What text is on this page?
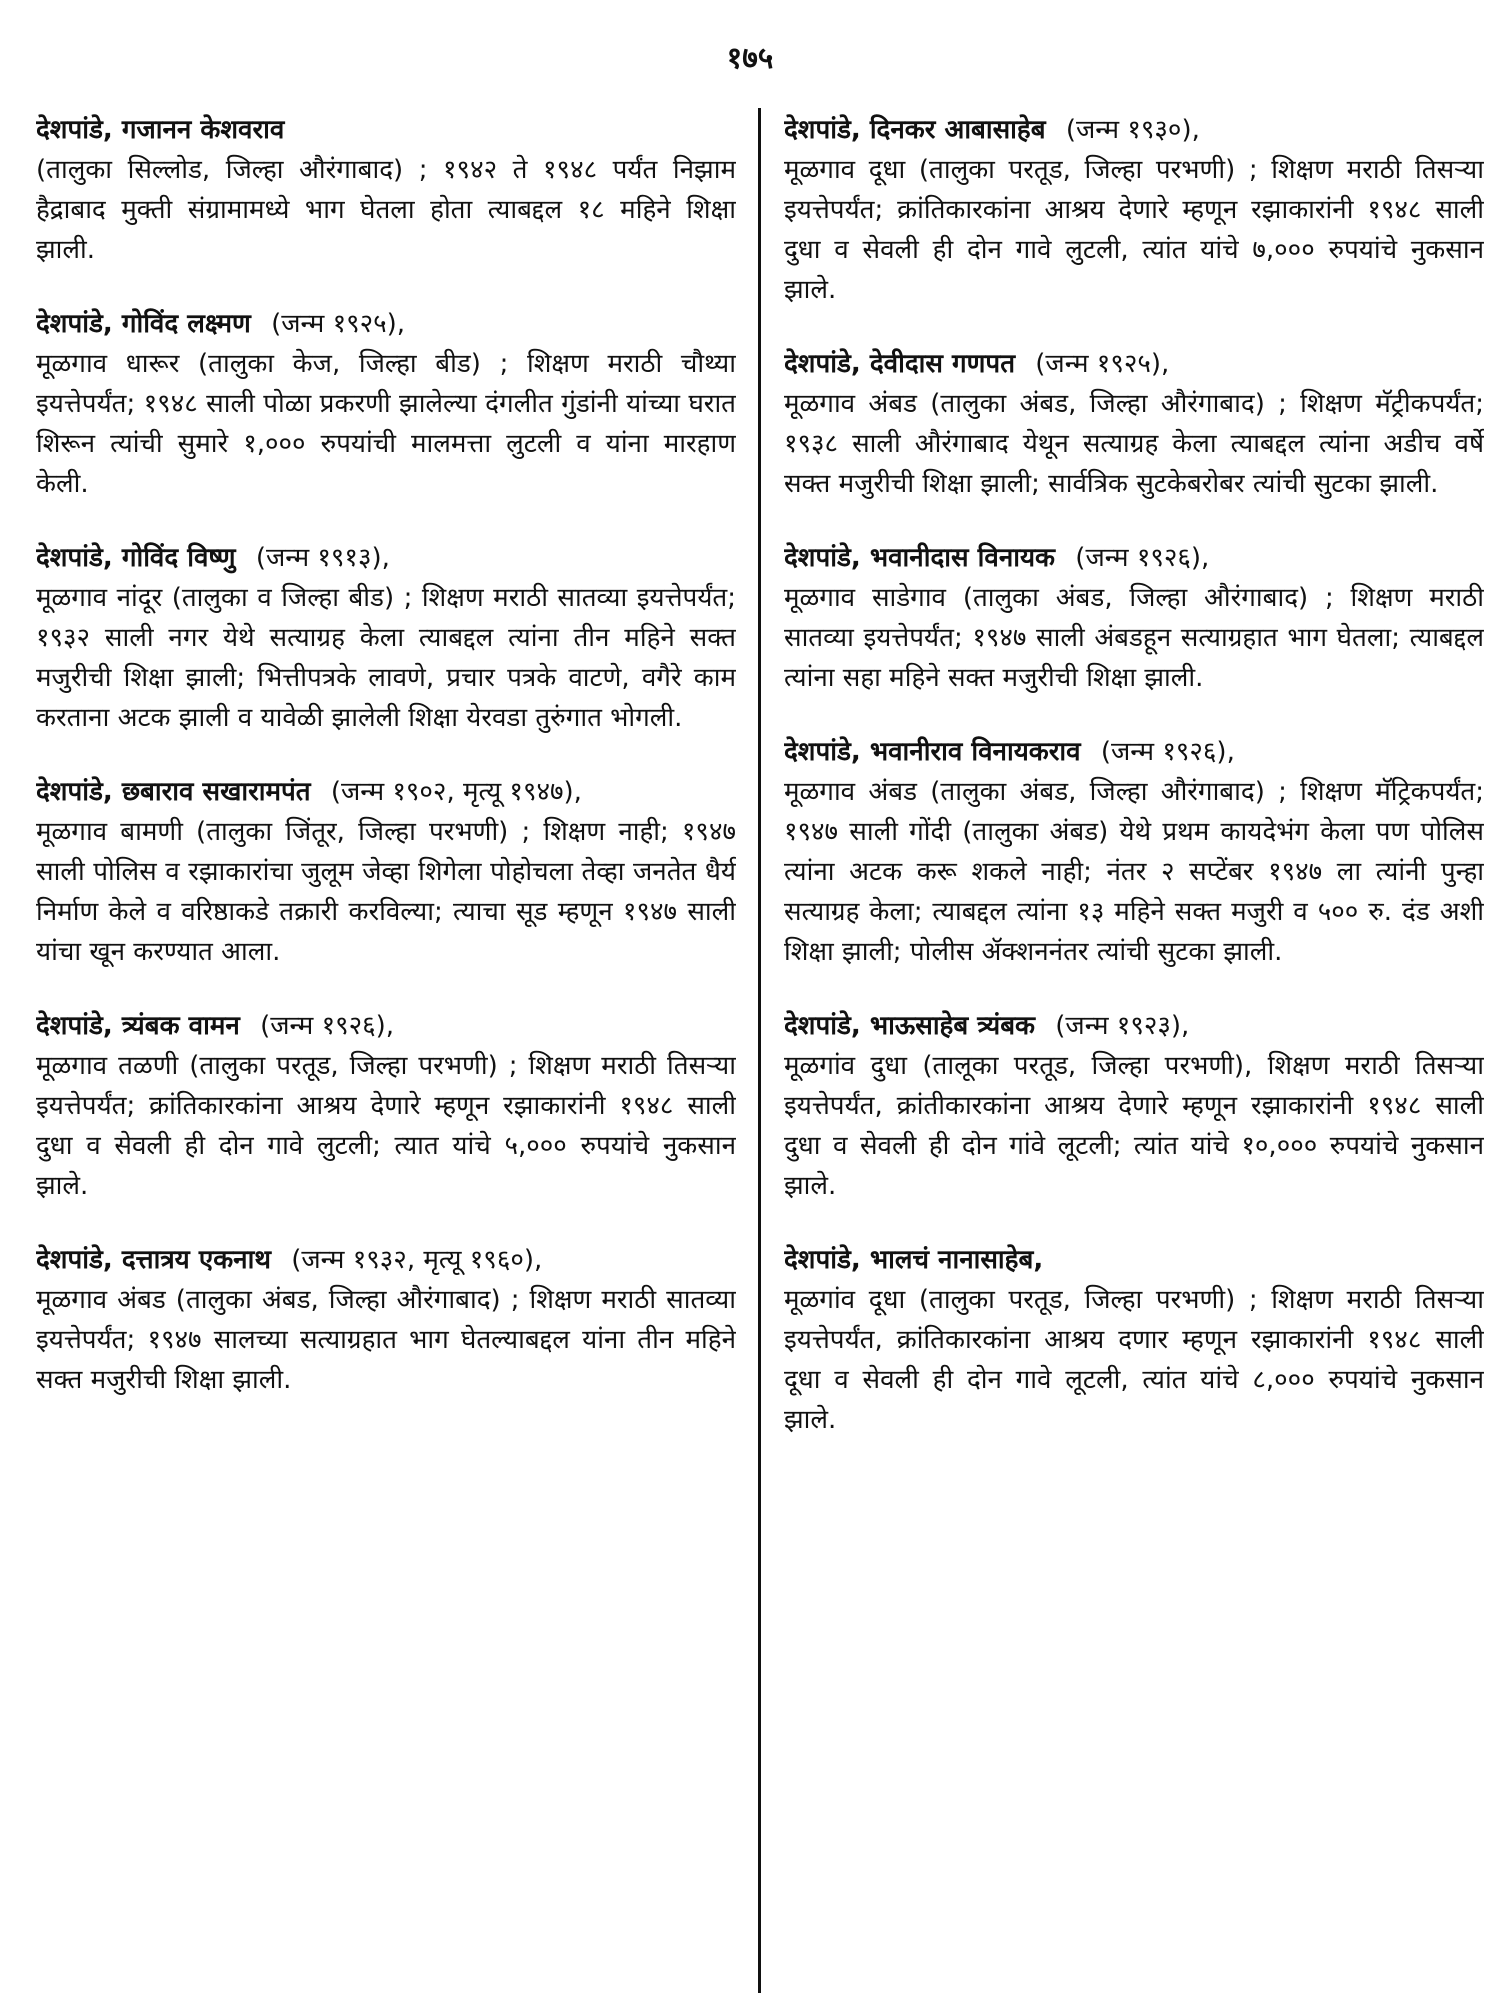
१७५
देशपांडे, गजानन केशवराव
(तालुका सिल्लोड, जिल्हा औरंगाबाद) ; १९४२ ते १९४८ पर्यंत निझाम हैद्राबाद मुक्ती संग्रामामध्ये भाग घेतला होता त्याबद्दल १८ महिने शिक्षा झाली.
देशपांडे, गोविंद लक्ष्मण (जन्म १९२५),
मूळगाव धारूर (तालुका केज, जिल्हा बीड) ; शिक्षण मराठी चौथ्या इयत्तेपर्यंत; १९४८ साली पोळा प्रकरणी झालेल्या दंगलीत गुंडांनी यांच्या घरात शिरून त्यांची सुमारे १,००० रुपयांची मालमत्ता लुटली व यांना मारहाण केली.
देशपांडे, गोविंद विष्णु (जन्म १९१३),
मूळगाव नांदूर (तालुका व जिल्हा बीड) ; शिक्षण मराठी सातव्या इयत्तेपर्यंत; १९३२ साली नगर येथे सत्याग्रह केला त्याबद्दल त्यांना तीन महिने सक्त मजुरीची शिक्षा झाली; भित्तीपत्रके लावणे, प्रचार पत्रके वाटणे, वगैरे काम करताना अटक झाली व यावेळी झालेली शिक्षा येरवडा तुरुंगात भोगली.
देशपांडे, छबाराव सखारामपंत (जन्म १९०२, मृत्यू १९४७),
मूळगाव बामणी (तालुका जिंतूर, जिल्हा परभणी) ; शिक्षण नाही; १९४७ साली पोलिस व रझाकारांचा जुलूम जेव्हा शिगेला पोहोचला तेव्हा जनतेत धैर्य निर्माण केले व वरिष्ठाकडे तक्रारी करविल्या; त्याचा सूड म्हणून १९४७ साली यांचा खून करण्यात आला.
देशपांडे, त्र्यंबक वामन (जन्म १९२६),
मूळगाव तळणी (तालुका परतूड, जिल्हा परभणी) ; शिक्षण मराठी तिसऱ्या इयत्तेपर्यंत; क्रांतिकारकांना आश्रय देणारे म्हणून रझाकारांनी १९४८ साली दुधा व सेवली ही दोन गावे लुटली; त्यात यांचे ५,००० रुपयांचे नुकसान झाले.
देशपांडे, दत्तात्रय एकनाथ (जन्म १९३२, मृत्यू १९६०),
मूळगाव अंबड (तालुका अंबड, जिल्हा औरंगाबाद) ; शिक्षण मराठी सातव्या इयत्तेपर्यंत; १९४७ सालच्या सत्याग्रहात भाग घेतल्याबद्दल यांना तीन महिने सक्त मजुरीची शिक्षा झाली.
देशपांडे, दिनकर आबासाहेब (जन्म १९३०),
मूळगाव दूधा (तालुका परतूड, जिल्हा परभणी) ; शिक्षण मराठी तिसऱ्या इयत्तेपर्यंत; क्रांतिकारकांना आश्रय देणारे म्हणून रझाकारांनी १९४८ साली दुधा व सेवली ही दोन गावे लुटली, त्यांत यांचे ७,००० रुपयांचे नुकसान झाले.
देशपांडे, देवीदास गणपत (जन्म १९२५),
मूळगाव अंबड (तालुका अंबड, जिल्हा औरंगाबाद) ; शिक्षण मॅट्रीकपर्यंत; १९३८ साली औरंगाबाद येथून सत्याग्रह केला त्याबद्दल त्यांना अडीच वर्षे सक्त मजुरीची शिक्षा झाली; सार्वत्रिक सुटकेबरोबर त्यांची सुटका झाली.
देशपांडे, भवानीदास विनायक (जन्म १९२६),
मूळगाव साडेगाव (तालुका अंबड, जिल्हा औरंगाबाद) ; शिक्षण मराठी सातव्या इयत्तेपर्यंत; १९४७ साली अंबडहून सत्याग्रहात भाग घेतला; त्याबद्दल त्यांना सहा महिने सक्त मजुरीची शिक्षा झाली.
देशपांडे, भवानीराव विनायकराव (जन्म १९२६),
मूळगाव अंबड (तालुका अंबड, जिल्हा औरंगाबाद) ; शिक्षण मॅट्रिकपर्यंत; १९४७ साली गोंदी (तालुका अंबड) येथे प्रथम कायदेभंग केला पण पोलिस त्यांना अटक करू शकले नाही; नंतर २ सप्टेंबर १९४७ ला त्यांनी पुन्हा सत्याग्रह केला; त्याबद्दल त्यांना १३ महिने सक्त मजुरी व ५०० रु. दंड अशी शिक्षा झाली; पोलीस ॲक्शननंतर त्यांची सुटका झाली.
देशपांडे, भाऊसाहेब त्र्यंबक (जन्म १९२३),
मूळगांव दुधा (तालूका परतूड, जिल्हा परभणी), शिक्षण मराठी तिसऱ्या इयत्तेपर्यंत, क्रांतीकारकांना आश्रय देणारे म्हणून रझाकारांनी १९४८ साली दुधा व सेवली ही दोन गांवे लूटली; त्यांत यांचे १०,००० रुपयांचे नुकसान झाले.
देशपांडे, भालचं नानासाहेब,
मूळगांव दूधा (तालुका परतूड, जिल्हा परभणी) ; शिक्षण मराठी तिसऱ्या इयत्तेपर्यंत, क्रांतिकारकांना आश्रय दणार म्हणून रझाकारांनी १९४८ साली दूधा व सेवली ही दोन गावे लूटली, त्यांत यांचे ८,००० रुपयांचे नुकसान झाले.
